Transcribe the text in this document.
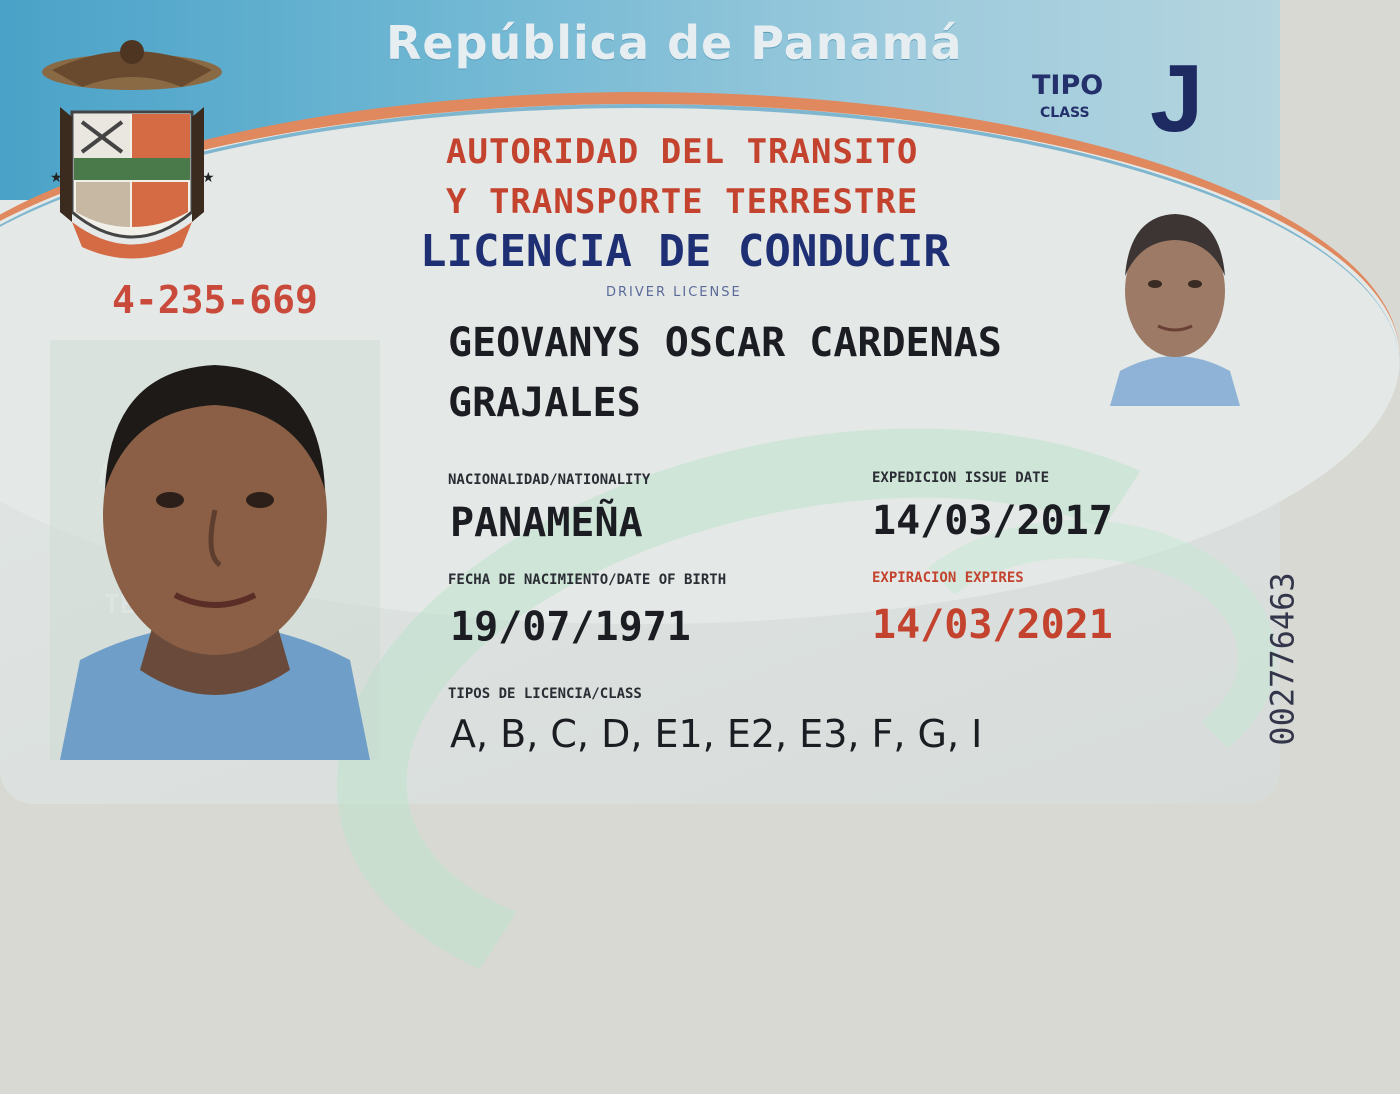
República de Panamá
★	★
4-235-669
TIPO
CLASS J
AUTORIDAD DEL TRANSITO
Y TRANSPORTE TERRESTRE
LICENCIA DE CONDUCIR
DRIVER LICENSE
GEOVANYS OSCAR CARDENAS
GRAJALES
NACIONALIDAD/NATIONALITY
PANAMEÑA
EXPEDICION ISSUE DATE
14/03/2017
FECHA DE NACIMIENTO/DATE OF BIRTH
19/07/1971
EXPIRACION EXPIRES
14/03/2021
TIPOS DE LICENCIA/CLASS
A, B, C, D, E1, E2, E3, F, G, I	002776463
